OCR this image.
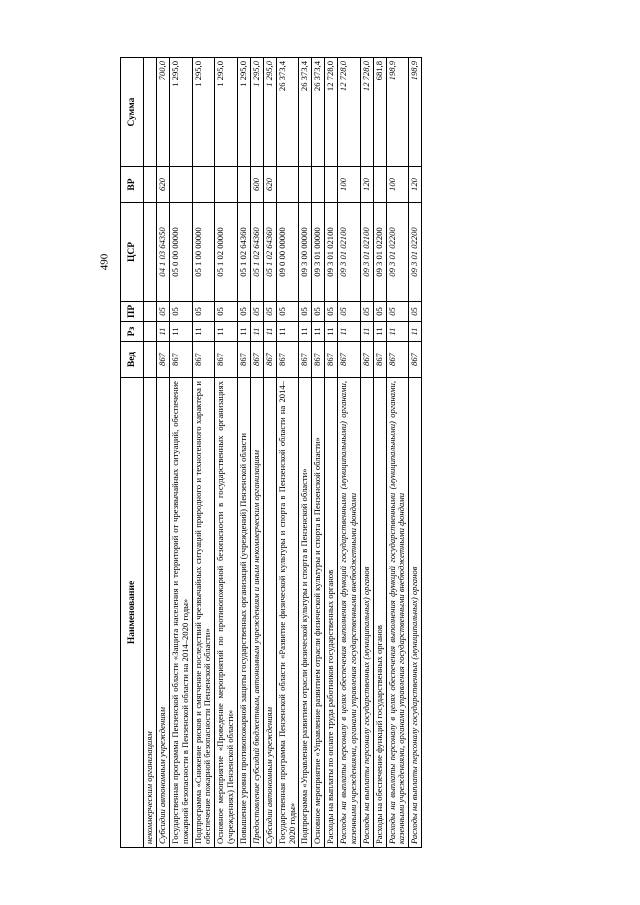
490
Наименование	Вед	Рз	ПР	ЦСР	ВР	Сумма
некоммерческим организациям						
Субсидии автономным учреждениям	867	11	05	04 1 03 64350	620	700,0
Государственная программа Пензенской области «Защита населения и территорий от чрезвычайных ситуаций, обеспечение пожарной безопасности в Пензенской области на 2014–2020 годы»	867	11	05	05 0 00 00000		1 295,0
Подпрограмма «Снижение рисков и смягчение последствий чрезвычайных ситуаций природного и техногенного характера и обеспечение пожарной безопасности Пензенской области»	867	11	05	05 1 00 00000		1 295,0
Основное мероприятие «Проведение мероприятий по противопожарной безопасности в государственных организациях (учреждениях) Пензенской области»	867	11	05	05 1 02 00000		1 295,0
Повышение уровня противопожарной защиты государственных организаций (учреждений) Пензенской области	867	11	05	05 1 02 64360		1 295,0
Предоставление субсидий бюджетным, автономным учреждениям и иным некоммерческим организациям	867	11	05	05 1 02 64360	600	1 295,0
Субсидии автономным учреждениям	867	11	05	05 1 02 64360	620	1 295,0
Государственная программа Пензенской области «Развитие физической культуры и спорта в Пензенской области на 2014–2020 годы»	867	11	05	09 0 00 00000		26 373,4
Подпрограмма «Управление развитием отрасли физической культуры и спорта в Пензенской области»	867	11	05	09 3 00 00000		26 373,4
Основное мероприятие «Управление развитием отрасли физической культуры и спорта в Пензенской области»	867	11	05	09 3 01 00000		26 373,4
Расходы на выплаты по оплате труда работников государственных органов	867	11	05	09 3 01 02100		12 728,0
Расходы на выплаты персоналу в целях обеспечения выполнения функций государственными (муниципальными) органами, казенными учреждениями, органами управления государственными внебюджетными фондами	867	11	05	09 3 01 02100	100	12 728,0
Расходы на выплаты персоналу государственных (муниципальных) органов	867	11	05	09 3 01 02100	120	12 728,0
Расходы на обеспечение функций государственных органов	867	11	05	09 3 01 02200		681,8
Расходы на выплаты персоналу в целях обеспечения выполнения функций государственными (муниципальными) органами, казенными учреждениями, органами управления государственными внебюджетными фондами	867	11	05	09 3 01 02200	100	198,9
Расходы на выплаты персоналу государственных (муниципальных) органов	867	11	05	09 3 01 02200	120	198,9
